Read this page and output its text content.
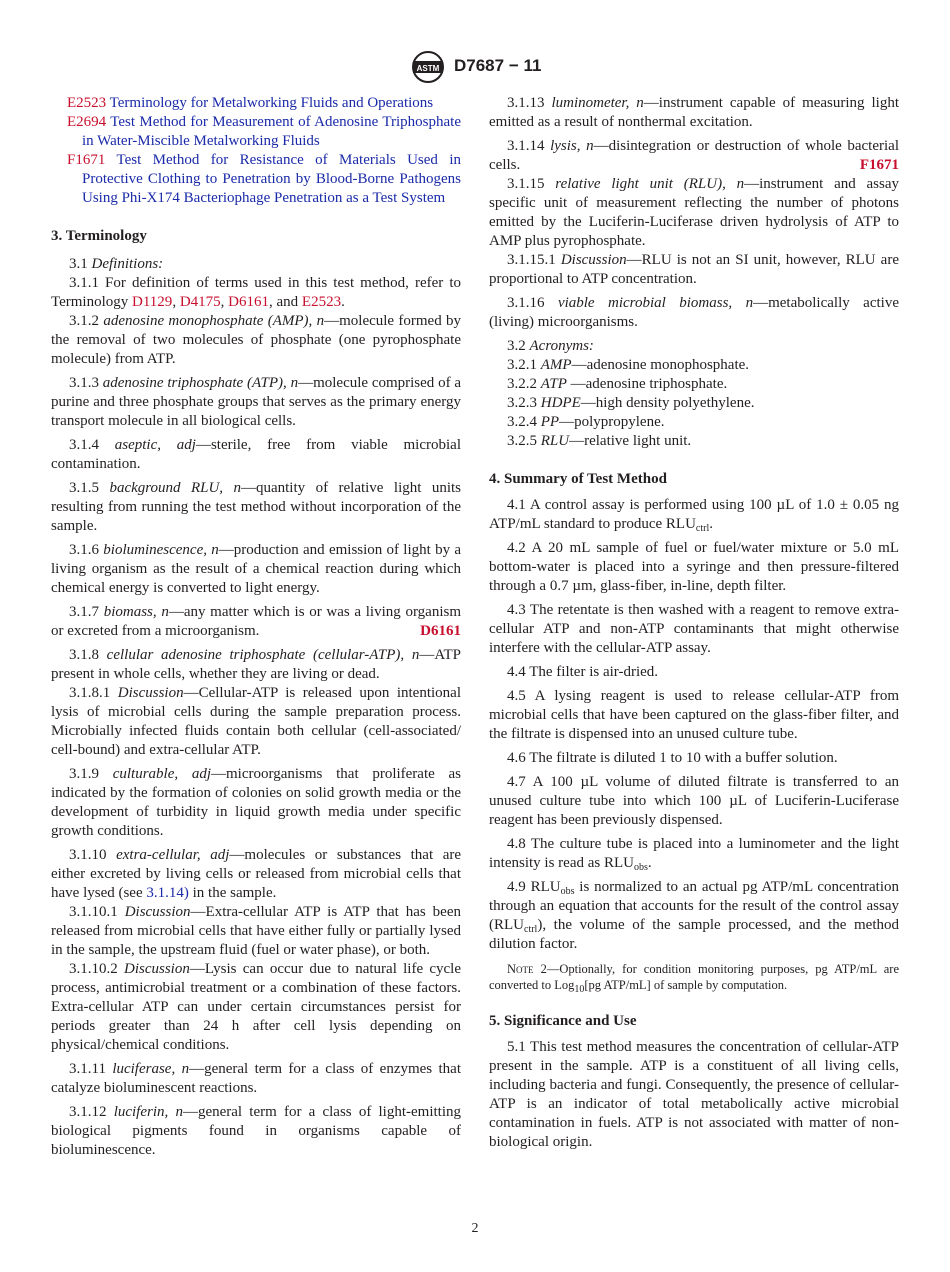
ASTM D7687 − 11

E2523 Terminology for Metalworking Fluids and Operations

E2694 Test Method for Measurement of Adenosine Triphosphate in Water-Miscible Metalworking Fluids

F1671 Test Method for Resistance of Materials Used in Protective Clothing to Penetration by Blood-Borne Pathogens Using Phi-X174 Bacteriophage Penetration as a Test System

3. Terminology

3.1 Definitions:

3.1.1 For definition of terms used in this test method, refer to Terminology D1129, D4175, D6161, and E2523.

3.1.2 adenosine monophosphate (AMP), n—molecule formed by the removal of two molecules of phosphate (one pyrophosphate molecule) from ATP.

3.1.3 adenosine triphosphate (ATP), n—molecule comprised of a purine and three phosphate groups that serves as the primary energy transport molecule in all biological cells.

3.1.4 aseptic, adj—sterile, free from viable microbial contamination.

3.1.5 background RLU, n—quantity of relative light units resulting from running the test method without incorporation of the sample.

3.1.6 bioluminescence, n—production and emission of light by a living organism as the result of a chemical reaction during which chemical energy is converted to light energy.

3.1.7 biomass, n—any matter which is or was a living organism or excreted from a microorganism.	D6161

3.1.8 cellular adenosine triphosphate (cellular-ATP), n—ATP present in whole cells, whether they are living or dead.

3.1.8.1 Discussion—Cellular-ATP is released upon intentional lysis of microbial cells during the sample preparation process. Microbially infected fluids contain both cellular (cell-associated/ cell-bound) and extra-cellular ATP.

3.1.9 culturable, adj—microorganisms that proliferate as indicated by the formation of colonies on solid growth media or the development of turbidity in liquid growth media under specific growth conditions.

3.1.10 extra-cellular, adj—molecules or substances that are either excreted by living cells or released from microbial cells that have lysed (see 3.1.14) in the sample.

3.1.10.1 Discussion—Extra-cellular ATP is ATP that has been released from microbial cells that have either fully or partially lysed in the sample, the upstream fluid (fuel or water phase), or both.

3.1.10.2 Discussion—Lysis can occur due to natural life cycle process, antimicrobial treatment or a combination of these factors. Extra-cellular ATP can under certain circumstances persist for periods greater than 24 h after cell lysis depending on physical/chemical conditions.

3.1.11 luciferase, n—general term for a class of enzymes that catalyze bioluminescent reactions.

3.1.12 luciferin, n—general term for a class of light-emitting biological pigments found in organisms capable of bioluminescence.

3.1.13 luminometer, n—instrument capable of measuring light emitted as a result of nonthermal excitation.

3.1.14 lysis, n—disintegration or destruction of whole bacterial cells.	F1671

3.1.15 relative light unit (RLU), n—instrument and assay specific unit of measurement reflecting the number of photons emitted by the Luciferin-Luciferase driven hydrolysis of ATP to AMP plus pyrophosphate.

3.1.15.1 Discussion—RLU is not an SI unit, however, RLU are proportional to ATP concentration.

3.1.16 viable microbial biomass, n—metabolically active (living) microorganisms.

3.2 Acronyms:

3.2.1 AMP—adenosine monophosphate.

3.2.2 ATP —adenosine triphosphate.

3.2.3 HDPE—high density polyethylene.

3.2.4 PP—polypropylene.

3.2.5 RLU—relative light unit.

4. Summary of Test Method

4.1 A control assay is performed using 100 µL of 1.0 ± 0.05 ng ATP/mL standard to produce $RLU_{ctrl}$.

4.2 A 20 mL sample of fuel or fuel/water mixture or 5.0 mL bottom-water is placed into a syringe and then pressure-filtered through a 0.7 µm, glass-fiber, in-line, depth filter.

4.3 The retentate is then washed with a reagent to remove extra-cellular ATP and non-ATP contaminants that might otherwise interfere with the cellular-ATP assay.

4.4 The filter is air-dried.

4.5 A lysing reagent is used to release cellular-ATP from microbial cells that have been captured on the glass-fiber filter, and the filtrate is dispensed into an unused culture tube.

4.6 The filtrate is diluted 1 to 10 with a buffer solution.

4.7 A 100 µL volume of diluted filtrate is transferred to an unused culture tube into which 100 µL of Luciferin-Luciferase reagent has been previously dispensed.

4.8 The culture tube is placed into a luminometer and the light intensity is read as $RLU_{obs}$.

4.9 $RLU_{obs}$ is normalized to an actual pg ATP/mL concentration through an equation that accounts for the result of the control assay $(RLU_{ctrl})$, the volume of the sample processed, and the method dilution factor.

Note 2—Optionally, for condition monitoring purposes, pg ATP/mL are converted to Log$_{10}$[pg ATP/mL] of sample by computation.

5. Significance and Use

5.1 This test method measures the concentration of cellular-ATP present in the sample. ATP is a constituent of all living cells, including bacteria and fungi. Consequently, the presence of cellular-ATP is an indicator of total metabolically active microbial contamination in fuels. ATP is not associated with matter of non-biological origin.

2
